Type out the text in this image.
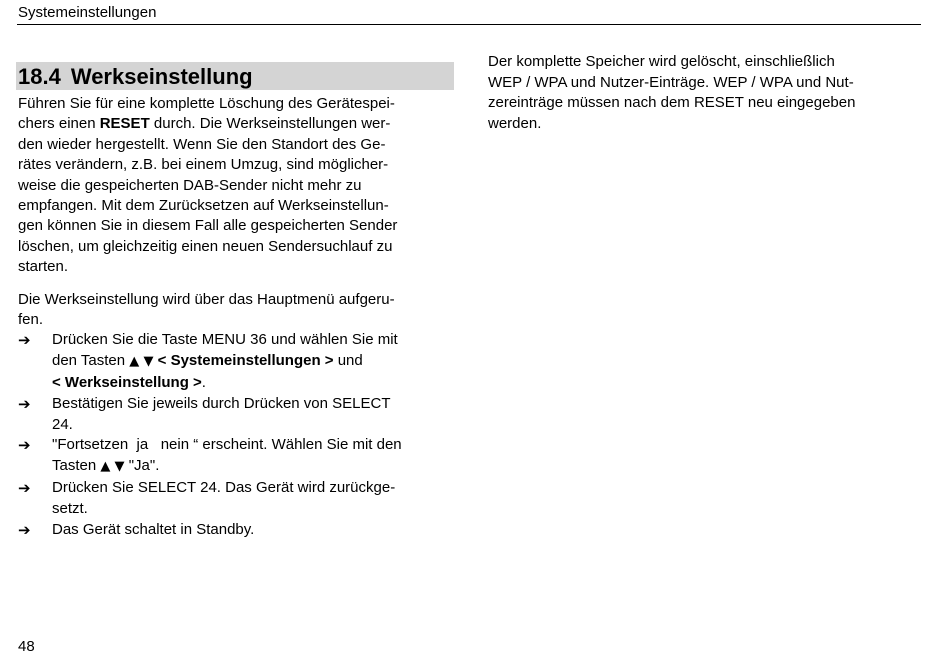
Systemeinstellungen
18.4 Werkseinstellung

Führen Sie für eine komplette Löschung des Gerätespei-
chers einen RESET durch. Die Werkseinstellungen wer-
den wieder hergestellt. Wenn Sie den Standort des Ge-
rätes verändern, z.B. bei einem Umzug, sind möglicher-
weise die gespeicherten DAB-Sender nicht mehr zu
empfangen. Mit dem Zurücksetzen auf Werkseinstellun-
gen können Sie in diesem Fall alle gespeicherten Sender
löschen, um gleichzeitig einen neuen Sendersuchlauf zu
starten.

Die Werkseinstellung wird über das Hauptmenü aufgeru-
fen.

➔	Drücken Sie die Taste MENU 36 und wählen Sie mit
den Tasten ▲ ▼ < Systemeinstellungen > und
< Werkseinstellung >.
➔	Bestätigen Sie jeweils durch Drücken von SELECT
24.
➔	"Fortsetzen  ja   nein “ erscheint. Wählen Sie mit den
Tasten ▲ ▼ "Ja".
➔	Drücken Sie SELECT 24. Das Gerät wird zurückge-
setzt.
➔	Das Gerät schaltet in Standby.

Der komplette Speicher wird gelöscht, einschließlich
WEP / WPA und Nutzer-Einträge. WEP / WPA und Nut-
zereinträge müssen nach dem RESET neu eingegeben
werden.

48
